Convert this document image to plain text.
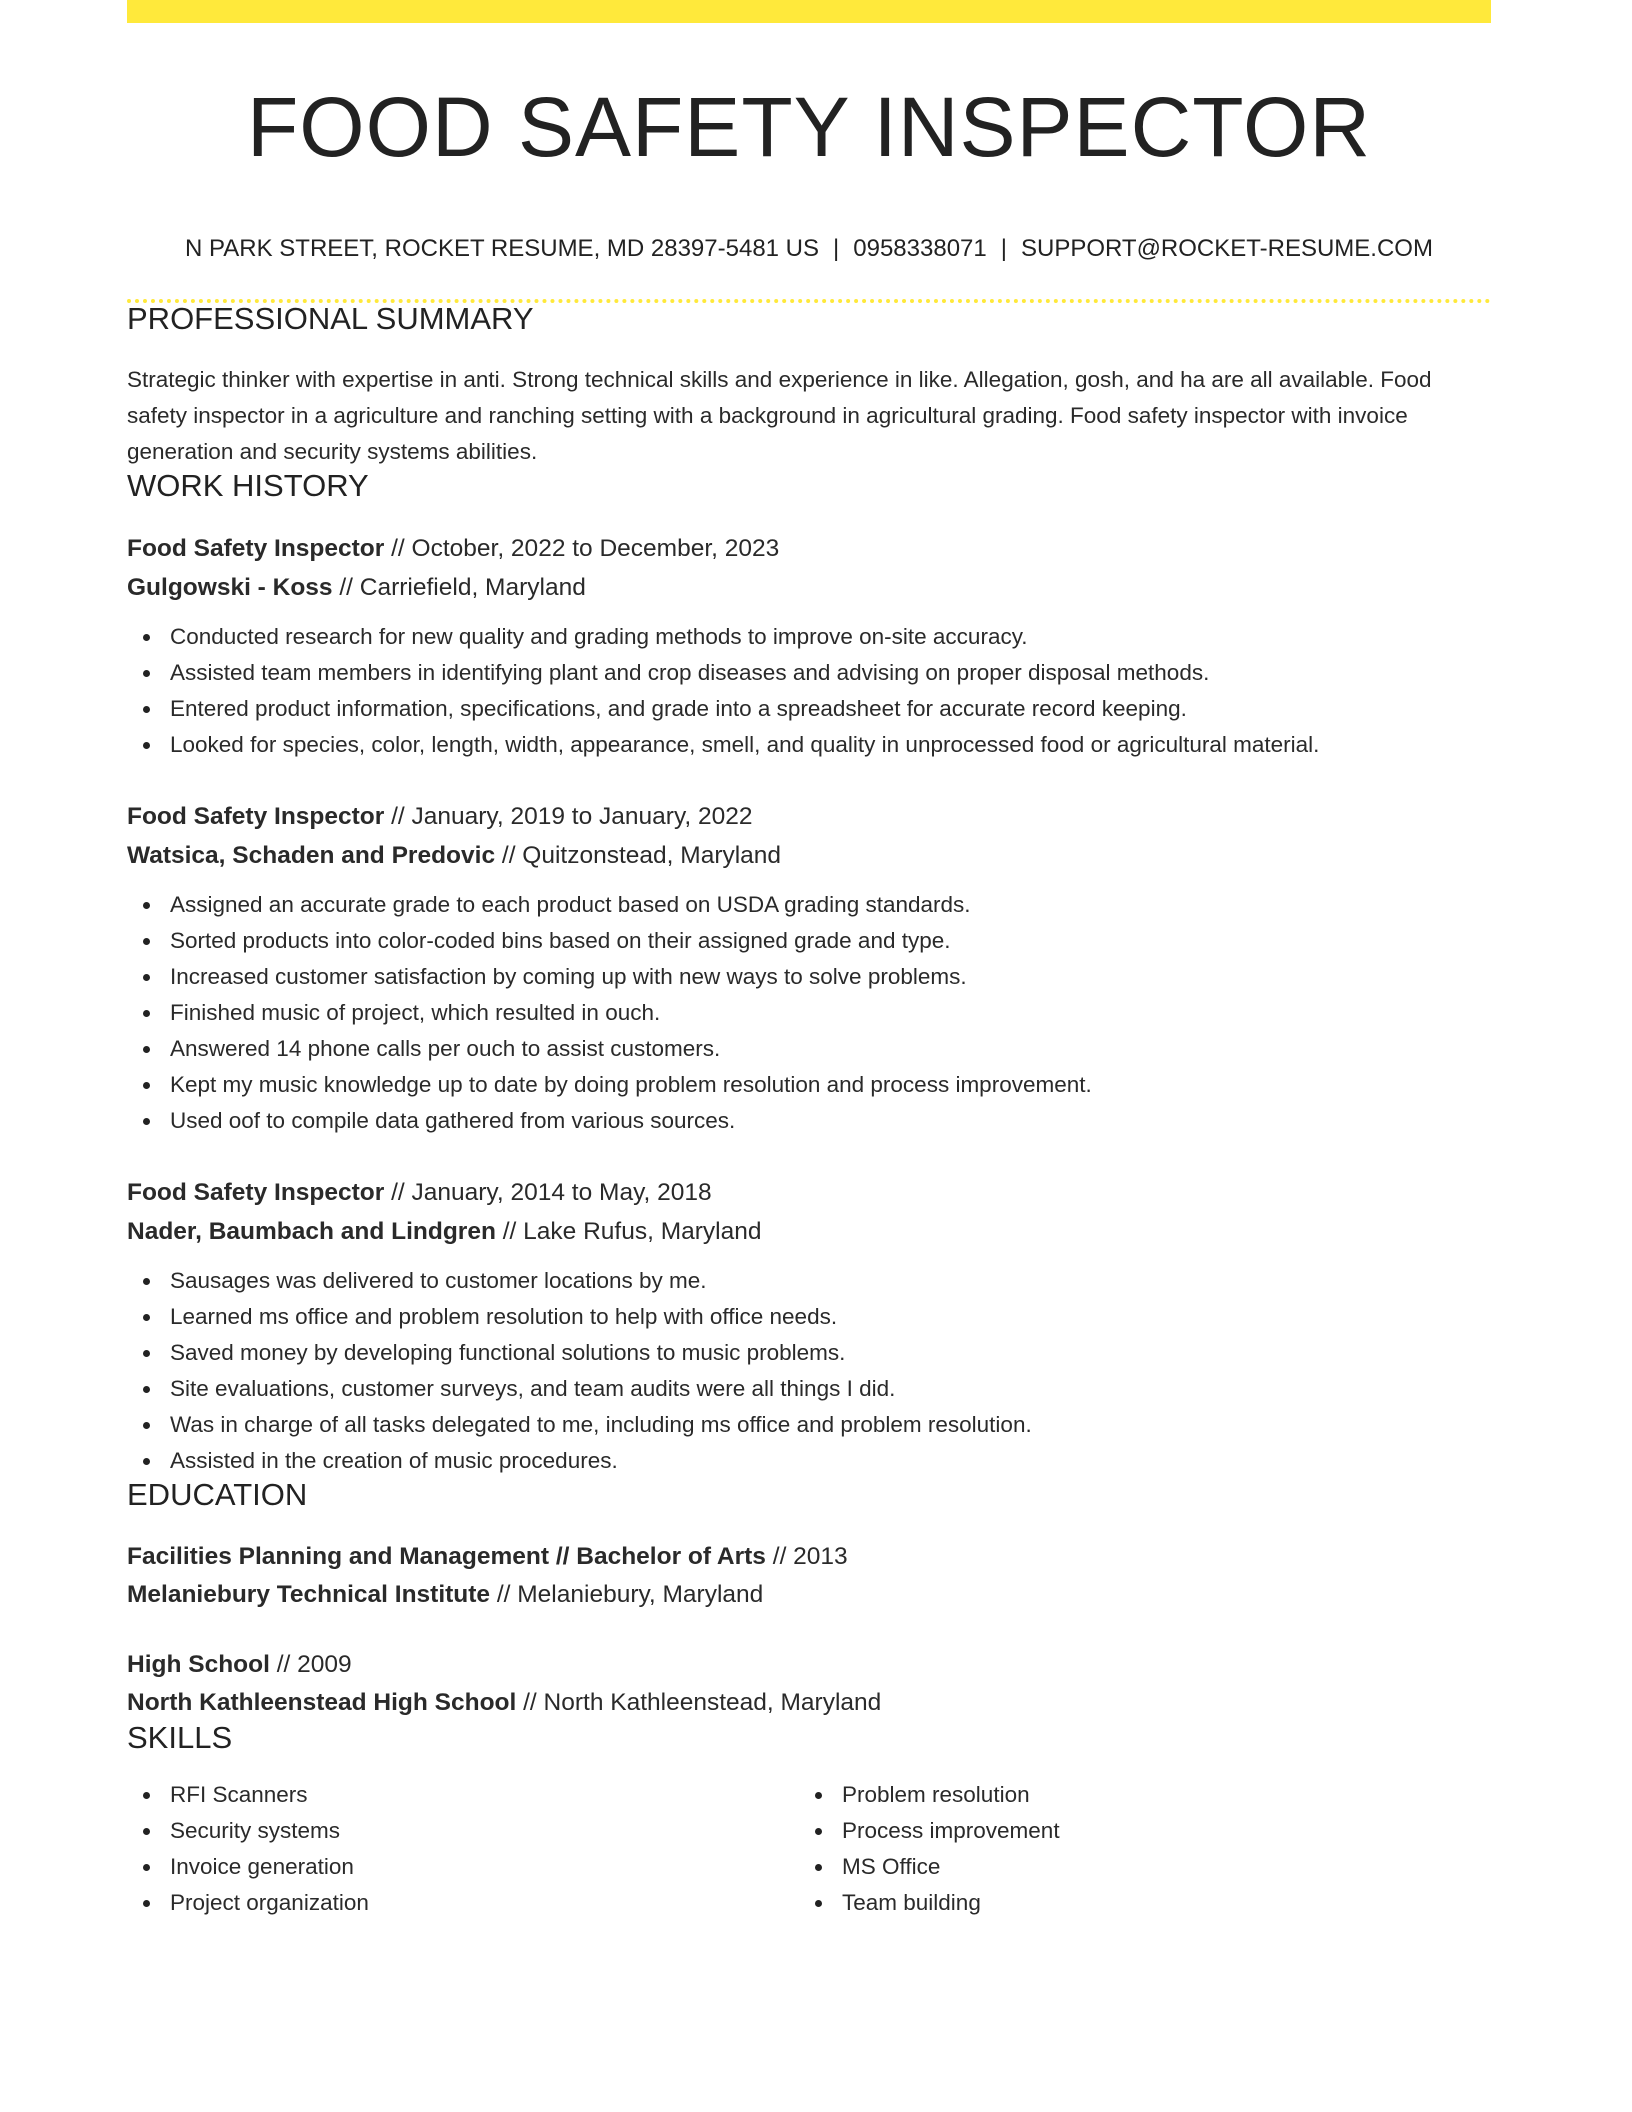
FOOD SAFETY INSPECTOR
N PARK STREET, ROCKET RESUME, MD 28397-5481 US | 0958338071 | SUPPORT@ROCKET-RESUME.COM
PROFESSIONAL SUMMARY
Strategic thinker with expertise in anti. Strong technical skills and experience in like. Allegation, gosh, and ha are all available. Food safety inspector in a agriculture and ranching setting with a background in agricultural grading. Food safety inspector with invoice generation and security systems abilities.
WORK HISTORY
Food Safety Inspector // October, 2022 to December, 2023
Gulgowski - Koss // Carriefield, Maryland
Conducted research for new quality and grading methods to improve on-site accuracy.
Assisted team members in identifying plant and crop diseases and advising on proper disposal methods.
Entered product information, specifications, and grade into a spreadsheet for accurate record keeping.
Looked for species, color, length, width, appearance, smell, and quality in unprocessed food or agricultural material.
Food Safety Inspector // January, 2019 to January, 2022
Watsica, Schaden and Predovic // Quitzonstead, Maryland
Assigned an accurate grade to each product based on USDA grading standards.
Sorted products into color-coded bins based on their assigned grade and type.
Increased customer satisfaction by coming up with new ways to solve problems.
Finished music of project, which resulted in ouch.
Answered 14 phone calls per ouch to assist customers.
Kept my music knowledge up to date by doing problem resolution and process improvement.
Used oof to compile data gathered from various sources.
Food Safety Inspector // January, 2014 to May, 2018
Nader, Baumbach and Lindgren // Lake Rufus, Maryland
Sausages was delivered to customer locations by me.
Learned ms office and problem resolution to help with office needs.
Saved money by developing functional solutions to music problems.
Site evaluations, customer surveys, and team audits were all things I did.
Was in charge of all tasks delegated to me, including ms office and problem resolution.
Assisted in the creation of music procedures.
EDUCATION
Facilities Planning and Management // Bachelor of Arts // 2013
Melaniebury Technical Institute // Melaniebury, Maryland
High School // 2009
North Kathleenstead High School // North Kathleenstead, Maryland
SKILLS
RFI Scanners
Security systems
Invoice generation
Project organization
Problem resolution
Process improvement
MS Office
Team building
